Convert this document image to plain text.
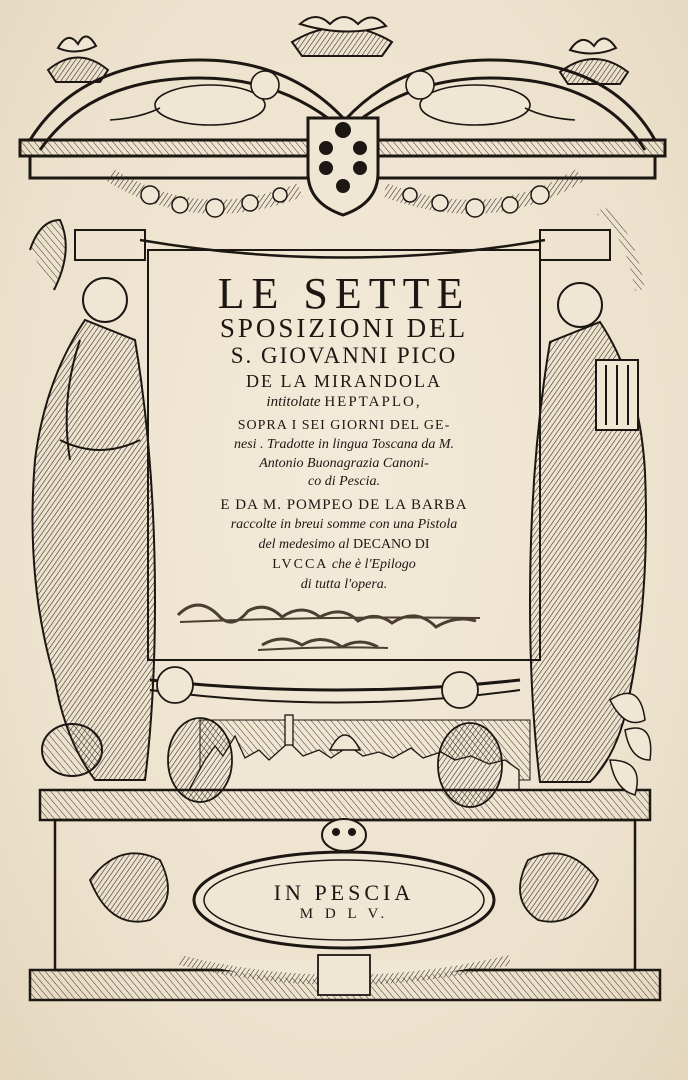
LE SETTE
SPOSIZIONI DEL
S. GIOVANNI PICO
DE LA MIRANDOLA
intitolate HEPTAPLO,
SOPRA I SEI GIORNI DEL GE-
nesi . Tradotte in lingua Toscana da M.
Antonio Buonagrazia Canoni-
co di Pescia.
E DA M. POMPEO DE LA BARBA
raccolte in breui somme con una Pistola
del medesimo al DECANO DI
LVCCA che è l'Epilogo
di tutta l'opera.
IN PESCIA
M D L V.
